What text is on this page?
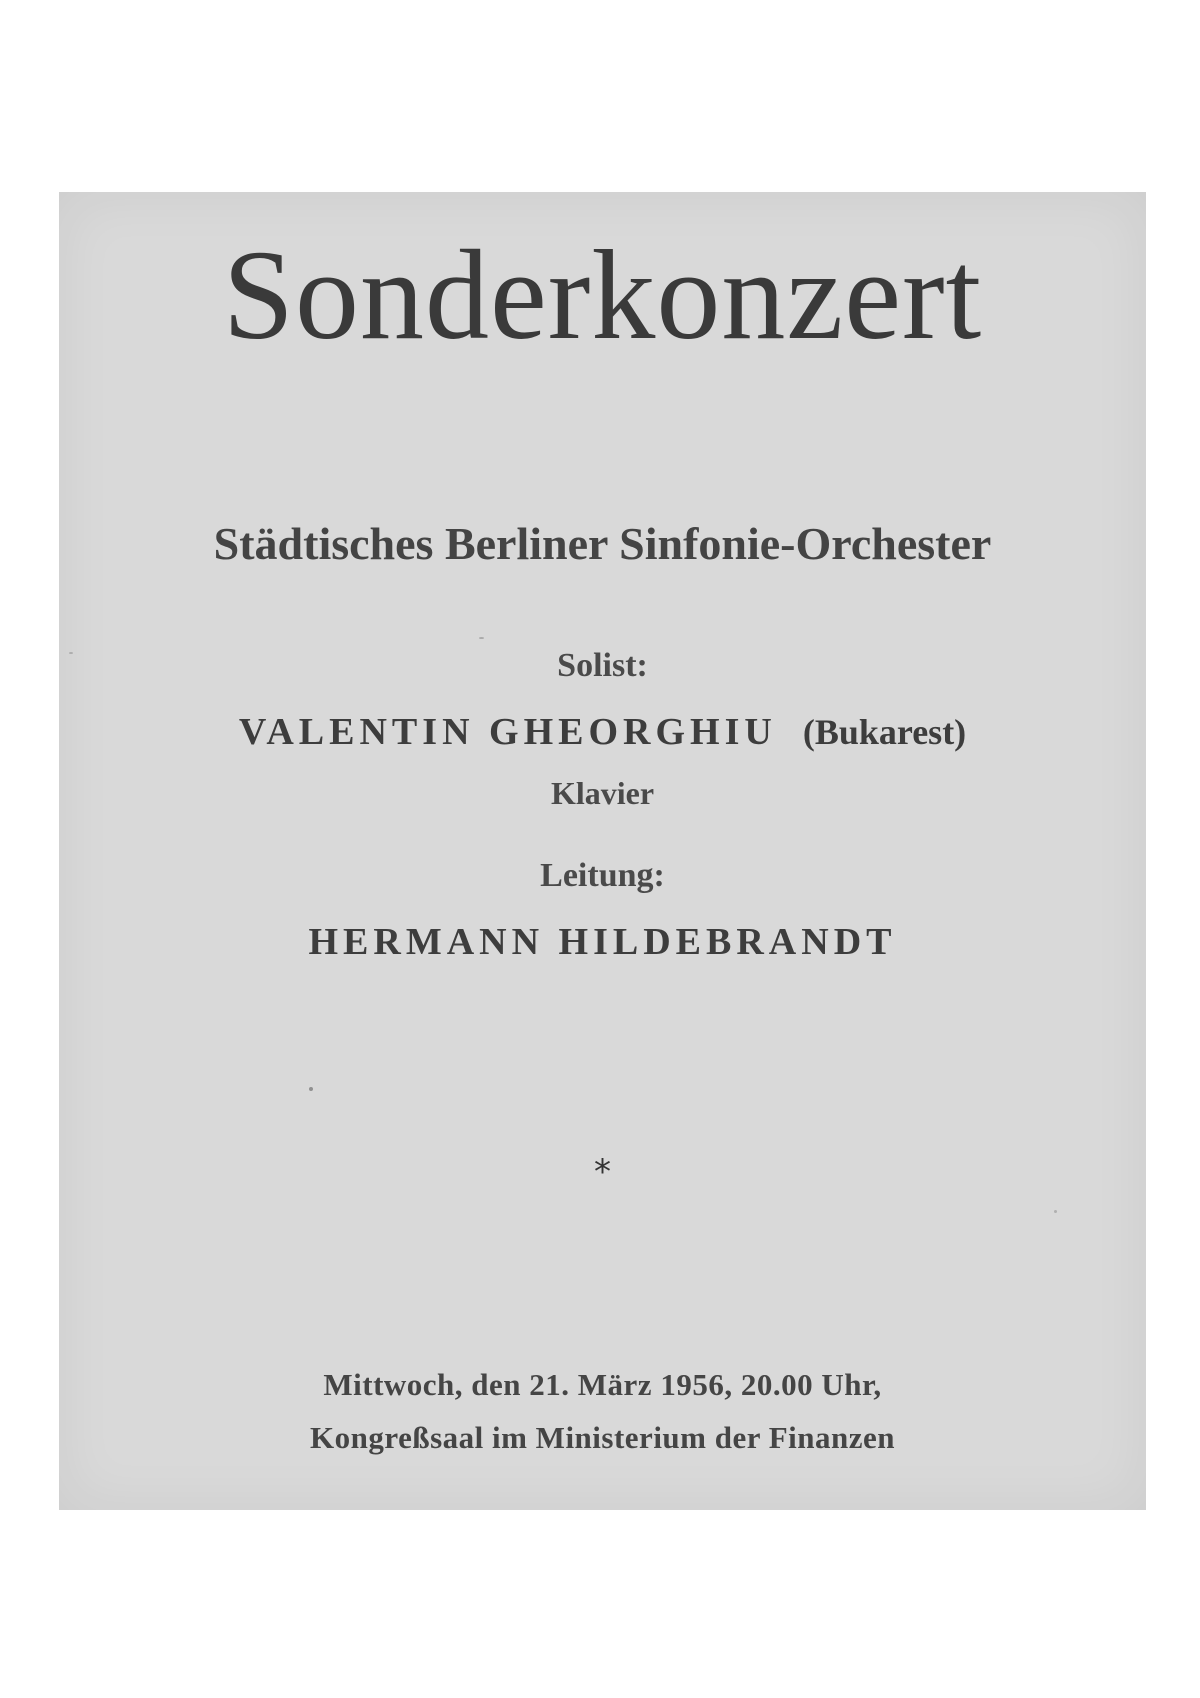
Sonderkonzert
Städtisches Berliner Sinfonie-Orchester
Solist:
VALENTIN GHEORGHIU (Bukarest)
Klavier
Leitung:
HERMANN HILDEBRANDT
*
Mittwoch, den 21. März 1956, 20.00 Uhr,
Kongreßsaal im Ministerium der Finanzen
